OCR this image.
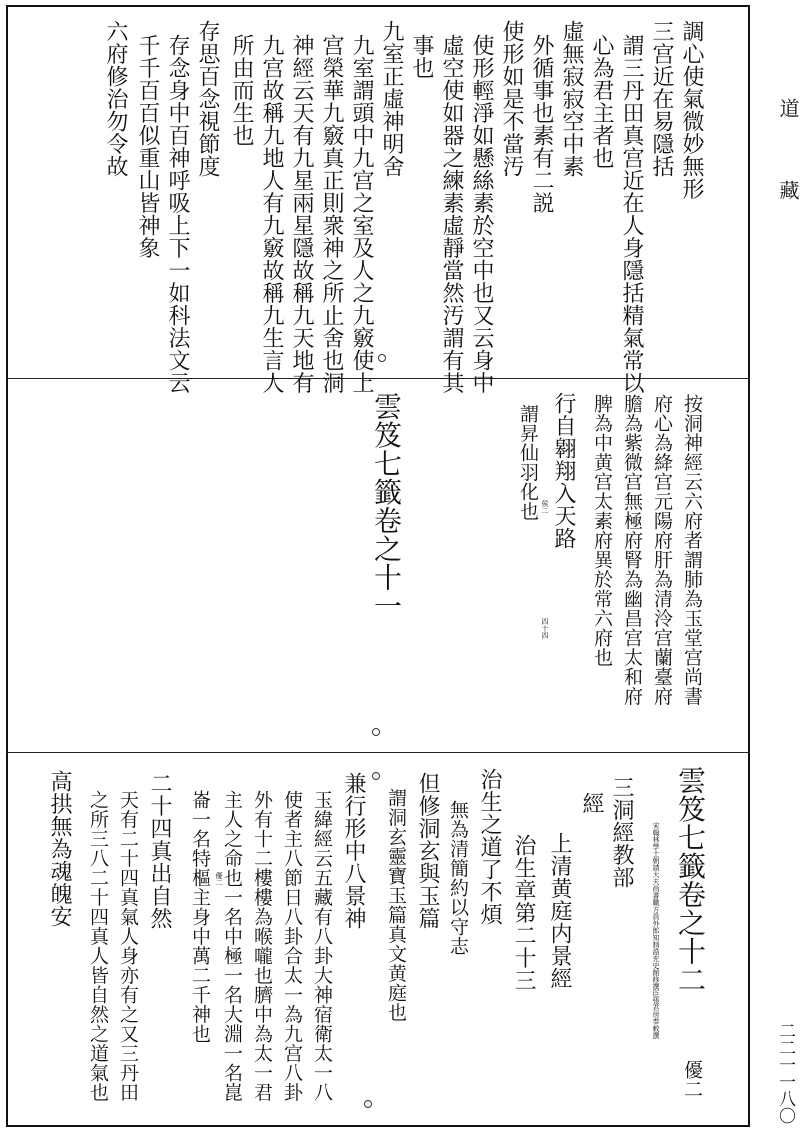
道
藏
二二一一八〇
調心使氣微妙無形
三宫近在易隱括
謂三丹田真宫近在人身隱括精氣常以
心為君主者也
虛無寂寂空中素
外循事也素有二説
使形如是不當汚
使形輕淨如懸絲素於空中也又云身中
虛空使如器之練素虛靜當然汚謂有其
事也
九室正虛神明舍
九室謂頭中九宫之室及人之九竅使上
宫榮華九竅真正則衆神之所止舍也洞
神經云天有九星兩星隱故稱九天地有
九宫故稱九地人有九竅故稱九生言人
所由而生也
存思百念視節度
存念身中百神呼吸上下一如科法文云
千千百百似重山皆神象
六府修治勿令故
按洞神經云六府者謂肺為玉堂宫尚書
府心為絳宫元陽府肝為清泠宫蘭臺府
膽為紫微宫無極府腎為幽昌宫太和府
脾為中黄宫太素府異於常六府也
行自翱翔入天路
謂昇仙羽化也
雲笈七籤卷之十一	侯二
四十四
雲笈七籤卷之十二
優二
宋翰林學士朝請大夫尚書職方員外郎知制誥充史館修撰臣張君房奉敕撰
三洞經教部
經
上清黄庭内景經
治生章第二十三
治生之道了不煩
無為清簡約以守志
但修洞玄與玉篇
謂洞玄靈寶玉篇真文黄庭也
兼行形中八景神
玉緯經云五藏有八卦大神宿衛太一八
使者主八節日八卦合太一為九宫八卦
外有十二樓樓為喉嚨也臍中為太一君
主人之命也一名中極一名大淵一名崑
崙一名特樞主身中萬二千神也
二十四真出自然
天有二十四真氣人身亦有之又三丹田
之所三八二十四真人皆自然之道氣也
高拱無為魂魄安	優二
